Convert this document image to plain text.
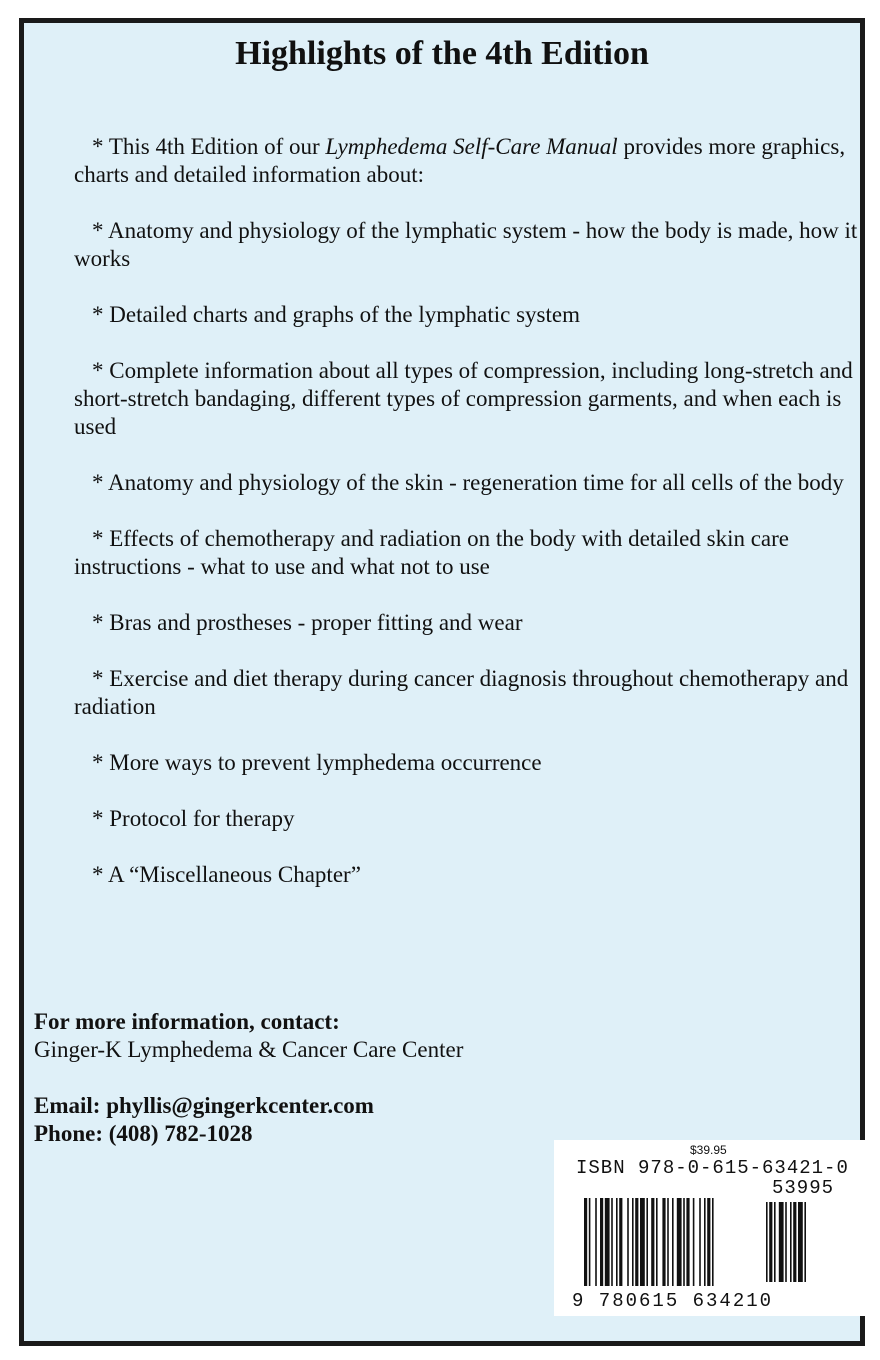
Highlights of the 4th Edition
* This 4th Edition of our Lymphedema Self-Care Manual provides more graphics, charts and detailed information about:
* Anatomy and physiology of the lymphatic system - how the body is made, how it works
* Detailed charts and graphs of the lymphatic system
* Complete information about all types of compression, including long-stretch and short-stretch bandaging, different types of compression garments, and when each is used
* Anatomy and physiology of the skin - regeneration time for all cells of the body
* Effects of chemotherapy and radiation on the body with detailed skin care instructions - what to use and what not to use
* Bras and prostheses - proper fitting and wear
* Exercise and diet therapy during cancer diagnosis throughout chemotherapy and radiation
* More ways to prevent lymphedema occurrence
* Protocol for therapy
* A “Miscellaneous Chapter”
For more information, contact:
Ginger-K Lymphedema & Cancer Care Center
Email: phyllis@gingerkcenter.com
Phone: (408) 782-1028
$39.95
ISBN 978-0-615-63421-0
53995
9 780615 634210
